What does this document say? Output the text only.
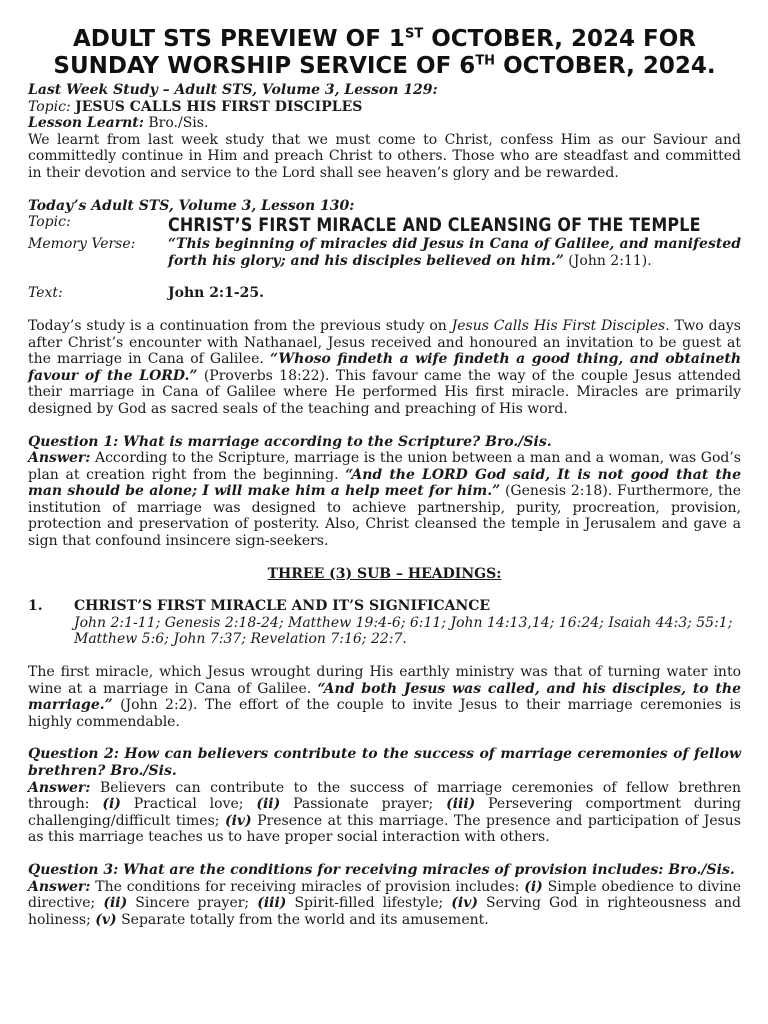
ADULT STS PREVIEW OF 1ST OCTOBER, 2024 FOR
SUNDAY WORSHIP SERVICE OF 6TH OCTOBER, 2024.

Last Week Study – Adult STS, Volume 3, Lesson 129:

Topic: JESUS CALLS HIS FIRST DISCIPLES

Lesson Learnt: Bro./Sis.

We learnt from last week study that we must come to Christ, confess Him as our Saviour and committedly continue in Him and preach Christ to others. Those who are steadfast and committed in their devotion and service to the Lord shall see heaven’s glory and be rewarded.

Today’s Adult STS, Volume 3, Lesson 130:

Topic:	CHRIST’S FIRST MIRACLE AND CLEANSING OF THE TEMPLE
Memory Verse:	“This beginning of miracles did Jesus in Cana of Galilee, and manifested forth his glory; and his disciples believed on him.” (John 2:11).
Text:	John 2:1-25.

Today’s study is a continuation from the previous study on Jesus Calls His First Disciples. Two days after Christ’s encounter with Nathanael, Jesus received and honoured an invitation to be guest at the marriage in Cana of Galilee. “Whoso findeth a wife findeth a good thing, and obtaineth favour of the LORD.” (Proverbs 18:22). This favour came the way of the couple Jesus attended their marriage in Cana of Galilee where He performed His first miracle. Miracles are primarily designed by God as sacred seals of the teaching and preaching of His word.

Question 1: What is marriage according to the Scripture? Bro./Sis.

Answer: According to the Scripture, marriage is the union between a man and a woman, was God’s plan at creation right from the beginning. “And the LORD God said, It is not good that the man should be alone; I will make him a help meet for him.” (Genesis 2:18). Furthermore, the institution of marriage was designed to achieve partnership, purity, procreation, provision, protection and preservation of posterity. Also, Christ cleansed the temple in Jerusalem and gave a sign that confound insincere sign-seekers.

THREE (3) SUB – HEADINGS:

1.	CHRIST’S FIRST MIRACLE AND IT’S SIGNIFICANCE

John 2:1-11; Genesis 2:18-24; Matthew 19:4-6; 6:11; John 14:13,14; 16:24; Isaiah 44:3; 55:1; Matthew 5:6; John 7:37; Revelation 7:16; 22:7.

The first miracle, which Jesus wrought during His earthly ministry was that of turning water into wine at a marriage in Cana of Galilee. “And both Jesus was called, and his disciples, to the marriage.” (John 2:2). The effort of the couple to invite Jesus to their marriage ceremonies is highly commendable.

Question 2: How can believers contribute to the success of marriage ceremonies of fellow brethren? Bro./Sis.

Answer: Believers can contribute to the success of marriage ceremonies of fellow brethren through: (i) Practical love; (ii) Passionate prayer; (iii) Persevering comportment during challenging/difficult times; (iv) Presence at this marriage. The presence and participation of Jesus as this marriage teaches us to have proper social interaction with others.

Question 3: What are the conditions for receiving miracles of provision includes: Bro./Sis.

Answer: The conditions for receiving miracles of provision includes: (i) Simple obedience to divine directive; (ii) Sincere prayer; (iii) Spirit-filled lifestyle; (iv) Serving God in righteousness and holiness; (v) Separate totally from the world and its amusement.
